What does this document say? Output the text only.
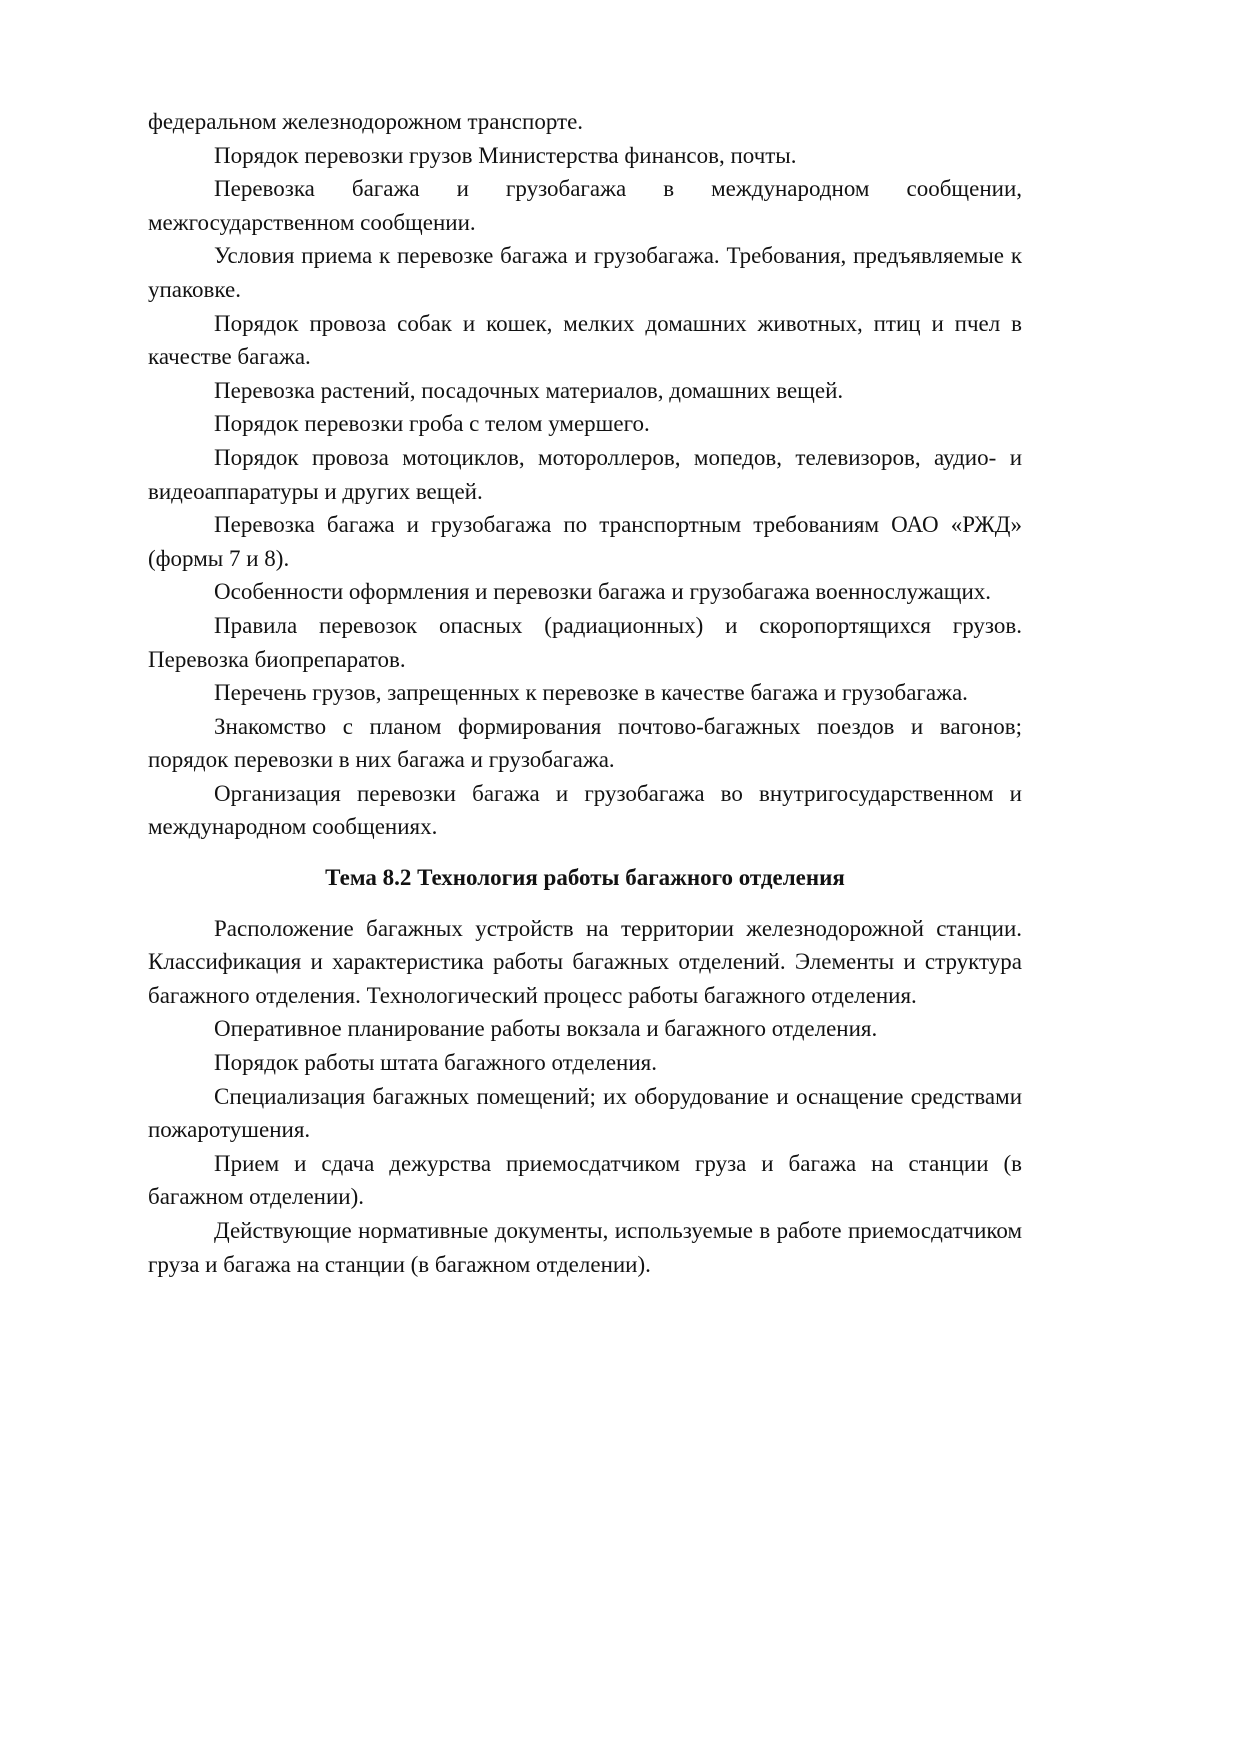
федеральном железнодорожном транспорте.

Порядок перевозки грузов Министерства финансов, почты.

Перевозка багажа и грузобагажа в международном сообщении, межгосударственном сообщении.

Условия приема к перевозке багажа и грузобагажа. Требования, предъявляемые к упаковке.

Порядок провоза собак и кошек, мелких домашних животных, птиц и пчел в качестве багажа.

Перевозка растений, посадочных материалов, домашних вещей.

Порядок перевозки гроба с телом умершего.

Порядок провоза мотоциклов, мотороллеров, мопедов, телевизоров, аудио- и видеоаппаратуры и других вещей.

Перевозка багажа и грузобагажа по транспортным требованиям ОАО «РЖД» (формы 7 и 8).

Особенности оформления и перевозки багажа и грузобагажа военнослужащих.

Правила перевозок опасных (радиационных) и скоропортящихся грузов. Перевозка биопрепаратов.

Перечень грузов, запрещенных к перевозке в качестве багажа и грузобагажа.

Знакомство с планом формирования почтово-багажных поездов и вагонов; порядок перевозки в них багажа и грузобагажа.

Организация перевозки багажа и грузобагажа во внутригосударственном и международном сообщениях.

Тема 8.2 Технология работы багажного отделения

Расположение багажных устройств на территории железнодорожной станции. Классификация и характеристика работы багажных отделений. Элементы и структура багажного отделения. Технологический процесс работы багажного отделения.

Оперативное планирование работы вокзала и багажного отделения.

Порядок работы штата багажного отделения.

Специализация багажных помещений; их оборудование и оснащение средствами пожаротушения.

Прием и сдача дежурства приемосдатчиком груза и багажа на станции (в багажном отделении).

Действующие нормативные документы, используемые в работе приемосдатчиком груза и багажа на станции (в багажном отделении).
